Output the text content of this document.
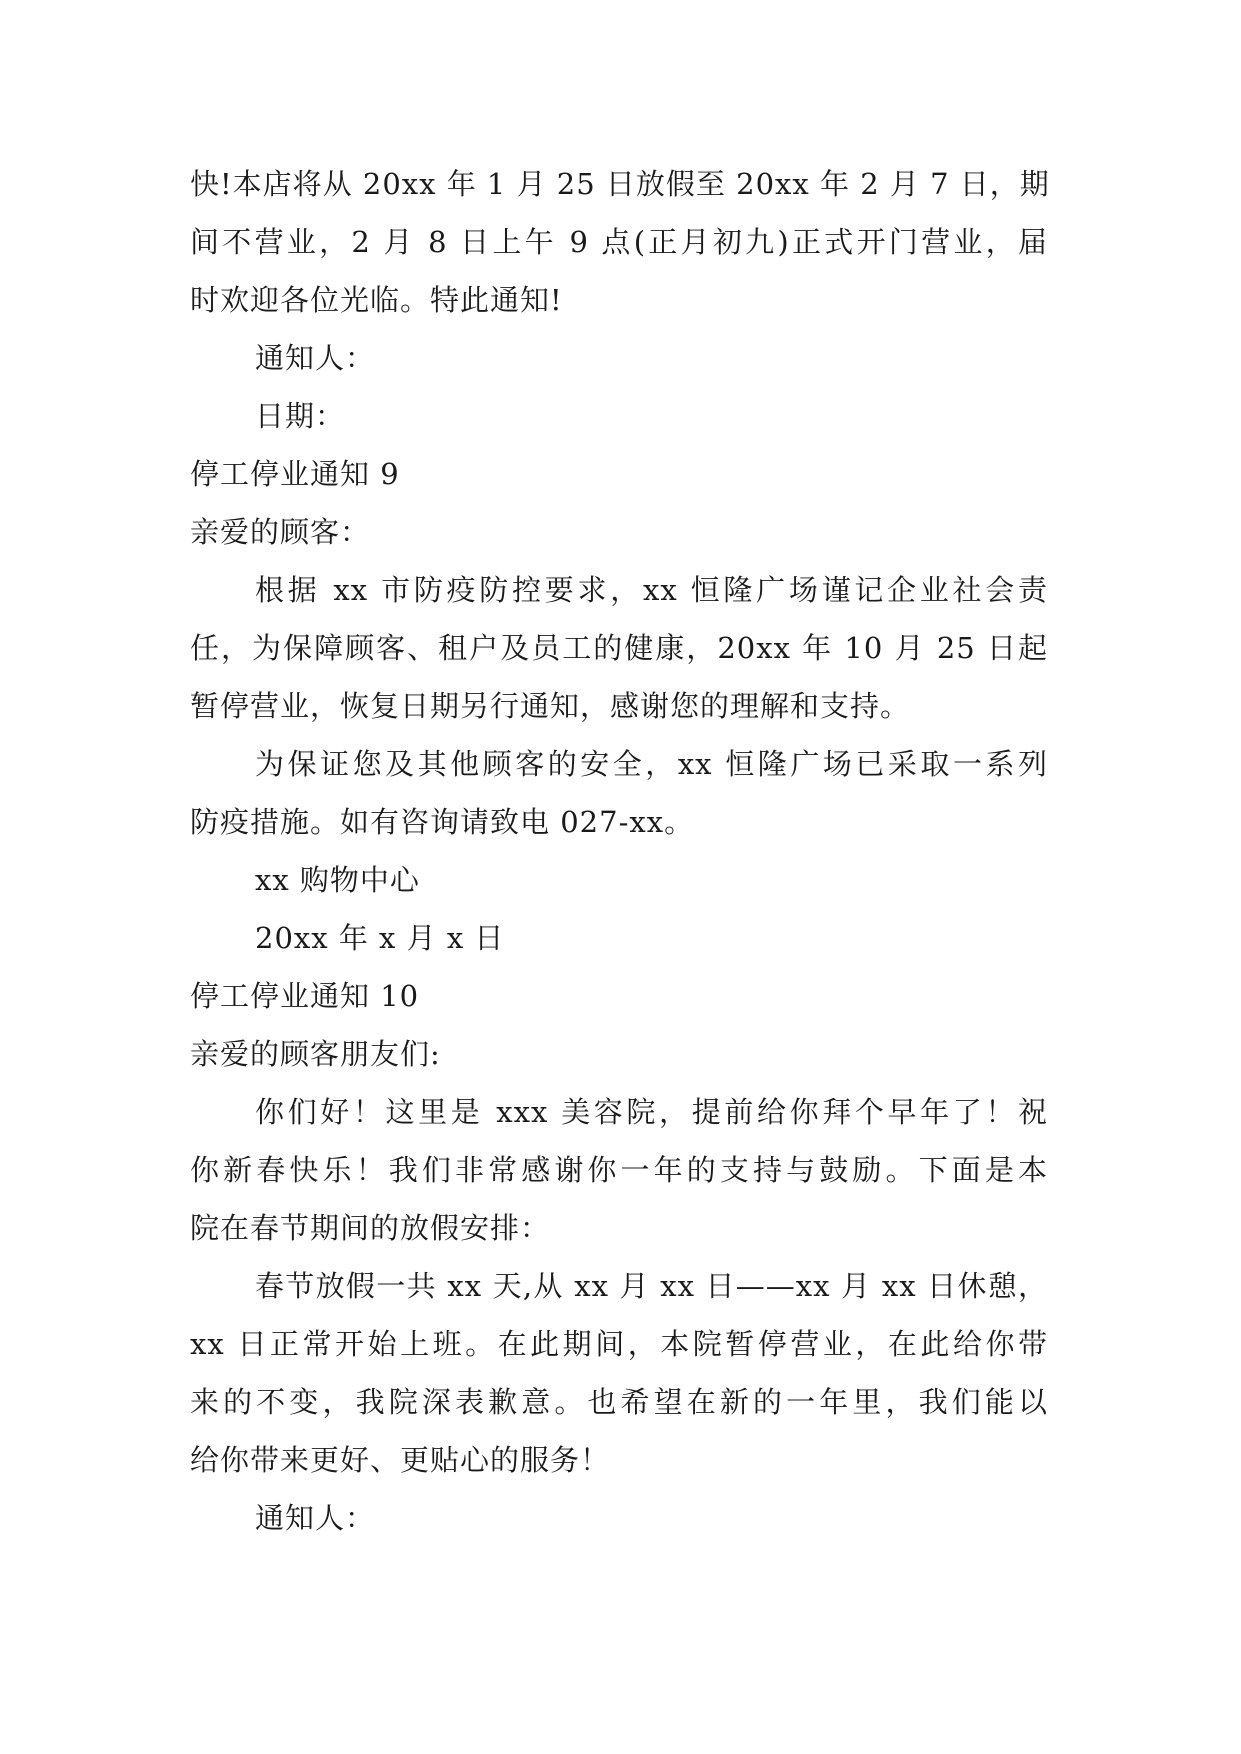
快!本店将从 20xx 年 1 月 25 日放假至 20xx 年 2 月 7 日，期
间不营业，2 月 8 日上午 9 点(正月初九)正式开门营业，届
时欢迎各位光临。特此通知!
通知人：
日期：
停工停业通知 9
亲爱的顾客：
根据 xx 市防疫防控要求，xx 恒隆广场谨记企业社会责
任，为保障顾客、租户及员工的健康，20xx 年 10 月 25 日起
暂停营业，恢复日期另行通知，感谢您的理解和支持。
为保证您及其他顾客的安全，xx 恒隆广场已采取一系列
防疫措施。如有咨询请致电 027-xx。
xx 购物中心
20xx 年 x 月 x 日
停工停业通知 10
亲爱的顾客朋友们:
你们好！这里是 xxx 美容院，提前给你拜个早年了！祝
你新春快乐！我们非常感谢你一年的支持与鼓励。下面是本
院在春节期间的放假安排：
春节放假一共 xx 天,从 xx 月 xx 日——xx 月 xx 日休憩，
xx 日正常开始上班。在此期间，本院暂停营业，在此给你带
来的不变，我院深表歉意。也希望在新的一年里，我们能以
给你带来更好、更贴心的服务！
通知人：
